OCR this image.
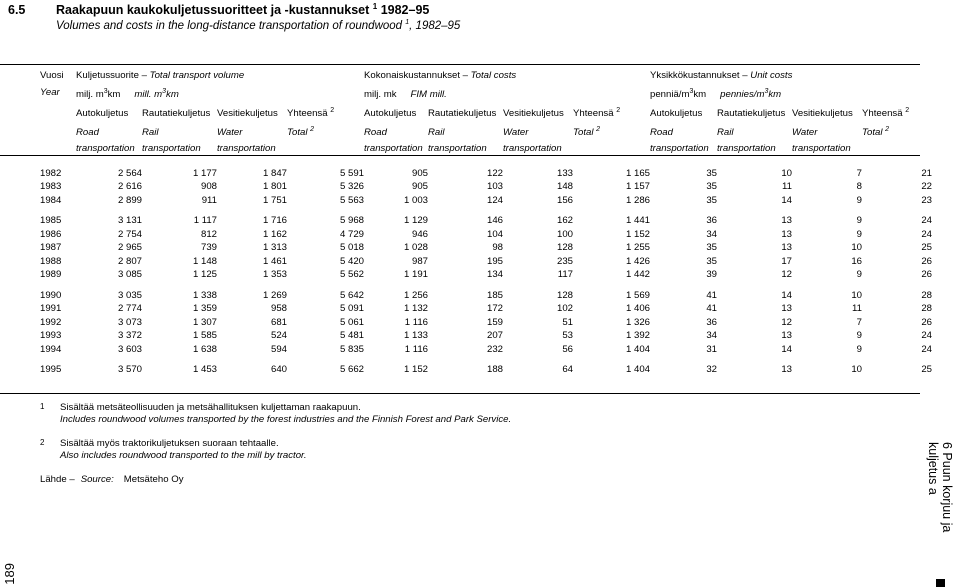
6.5	Raakapuun kaukokuljetussuoritteet ja -kustannukset $^1$ 1982–95
Volumes and costs in the long-distance transportation of roundwood $^1$, 1982–95
Vuosi	Kuljetussuorite – Total transport volume				Kokonaiskustannukset – Total costs				Yksikkökustannukset – Unit costs			
Year	milj. $m^3km$ mill. $m^3km$				milj. mk FIM mill.				penniä/$m^3km$ pennies/$m^3km$			
	Autokuljetus	Rautatiekuljetus	Vesitiekuljetus	Yhteensä $^2$	Autokuljetus	Rautatiekuljetus	Vesitiekuljetus	Yhteensä $^2$	Autokuljetus	Rautatiekuljetus	Vesitiekuljetus	Yhteensä $^2$
	Road	Rail	Water	Total $^2$	Road	Rail	Water	Total $^2$	Road	Rail	Water	Total $^2$
	transportation	transportation	transportation		transportation	transportation	transportation		transportation	transportation	transportation	

1982	2 564	1 177	1 847	5 591	905	122	133	1 165	35	10	7	21
1983	2 616	908	1 801	5 326	905	103	148	1 157	35	11	8	22
1984	2 899	911	1 751	5 563	1 003	124	156	1 286	35	14	9	23

1985	3 131	1 117	1 716	5 968	1 129	146	162	1 441	36	13	9	24
1986	2 754	812	1 162	4 729	946	104	100	1 152	34	13	9	24
1987	2 965	739	1 313	5 018	1 028	98	128	1 255	35	13	10	25
1988	2 807	1 148	1 461	5 420	987	195	235	1 426	35	17	16	26
1989	3 085	1 125	1 353	5 562	1 191	134	117	1 442	39	12	9	26

1990	3 035	1 338	1 269	5 642	1 256	185	128	1 569	41	14	10	28
1991	2 774	1 359	958	5 091	1 132	172	102	1 406	41	13	11	28
1992	3 073	1 307	681	5 061	1 116	159	51	1 326	36	12	7	26
1993	3 372	1 585	524	5 481	1 133	207	53	1 392	34	13	9	24
1994	3 603	1 638	594	5 835	1 116	232	56	1 404	31	14	9	24

1995	3 570	1 453	640	5 662	1 152	188	64	1 404	32	13	10	25
1	Sisältää metsäteollisuuden ja metsähallituksen kuljettaman raakapuun.
Includes roundwood volumes transported by the forest industries and the Finnish Forest and Park Service.
2	Sisältää myös traktorikuljetuksen suoraan tehtaalle.
Also includes roundwood transported to the mill by tractor.
Lähde – Source: Metsäteho Oy
189
6 Puun korjuu ja kuljetus a
